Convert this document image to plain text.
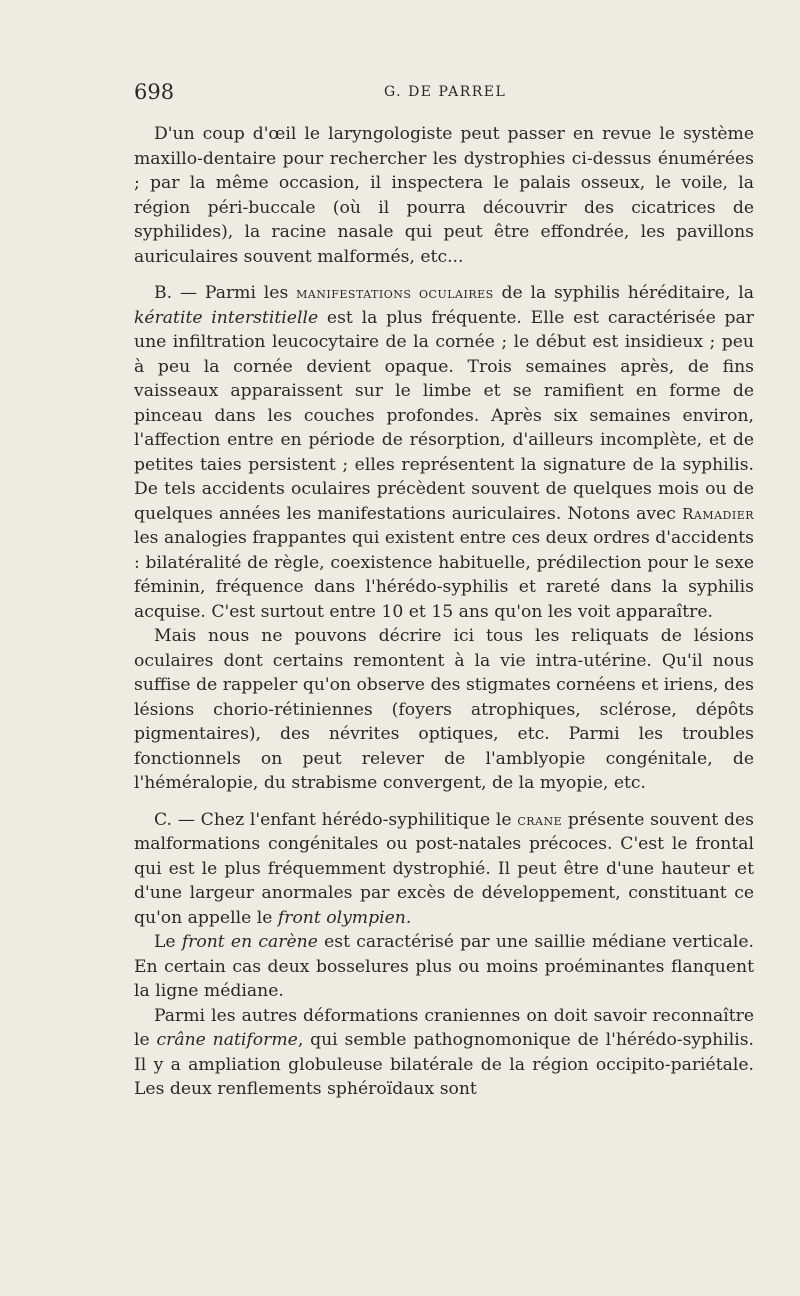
698	G. DE PARREL

D'un coup d'œil le laryngologiste peut passer en revue le système maxillo-dentaire pour rechercher les dystrophies ci-dessus énumérées ; par la même occasion, il inspectera le palais osseux, le voile, la région péri-buccale (où il pourra découvrir des cicatrices de syphilides), la racine nasale qui peut être effondrée, les pavillons auriculaires souvent malformés, etc...

B. — Parmi les manifestations oculaires de la syphilis héréditaire, la kératite interstitielle est la plus fréquente. Elle est caractérisée par une infiltration leucocytaire de la cornée ; le début est insidieux ; peu à peu la cornée devient opaque. Trois semaines après, de fins vaisseaux apparaissent sur le limbe et se ramifient en forme de pinceau dans les couches profondes. Après six semaines environ, l'affection entre en période de résorption, d'ailleurs incomplète, et de petites taies persistent ; elles représentent la signature de la syphilis. De tels accidents oculaires précèdent souvent de quelques mois ou de quelques années les manifestations auriculaires. Notons avec Ramadier les analogies frappantes qui existent entre ces deux ordres d'accidents : bilatéralité de règle, coexistence habituelle, prédilection pour le sexe féminin, fréquence dans l'hérédo-syphilis et rareté dans la syphilis acquise. C'est surtout entre 10 et 15 ans qu'on les voit apparaître.

Mais nous ne pouvons décrire ici tous les reliquats de lésions oculaires dont certains remontent à la vie intra-utérine. Qu'il nous suffise de rappeler qu'on observe des stigmates cornéens et iriens, des lésions chorio-rétiniennes (foyers atrophiques, sclérose, dépôts pigmentaires), des névrites optiques, etc. Parmi les troubles fonctionnels on peut relever de l'amblyopie congénitale, de l'héméralopie, du strabisme convergent, de la myopie, etc.

C. — Chez l'enfant hérédo-syphilitique le crane présente souvent des malformations congénitales ou post-natales précoces. C'est le frontal qui est le plus fréquemment dystrophié. Il peut être d'une hauteur et d'une largeur anormales par excès de développement, constituant ce qu'on appelle le front olympien.

Le front en carène est caractérisé par une saillie médiane verticale. En certain cas deux bosselures plus ou moins proéminantes flanquent la ligne médiane.

Parmi les autres déformations craniennes on doit savoir reconnaître le crâne natiforme, qui semble pathognomonique de l'hérédo-syphilis. Il y a ampliation globuleuse bilatérale de la région occipito-pariétale. Les deux renflements sphéroïdaux sont
